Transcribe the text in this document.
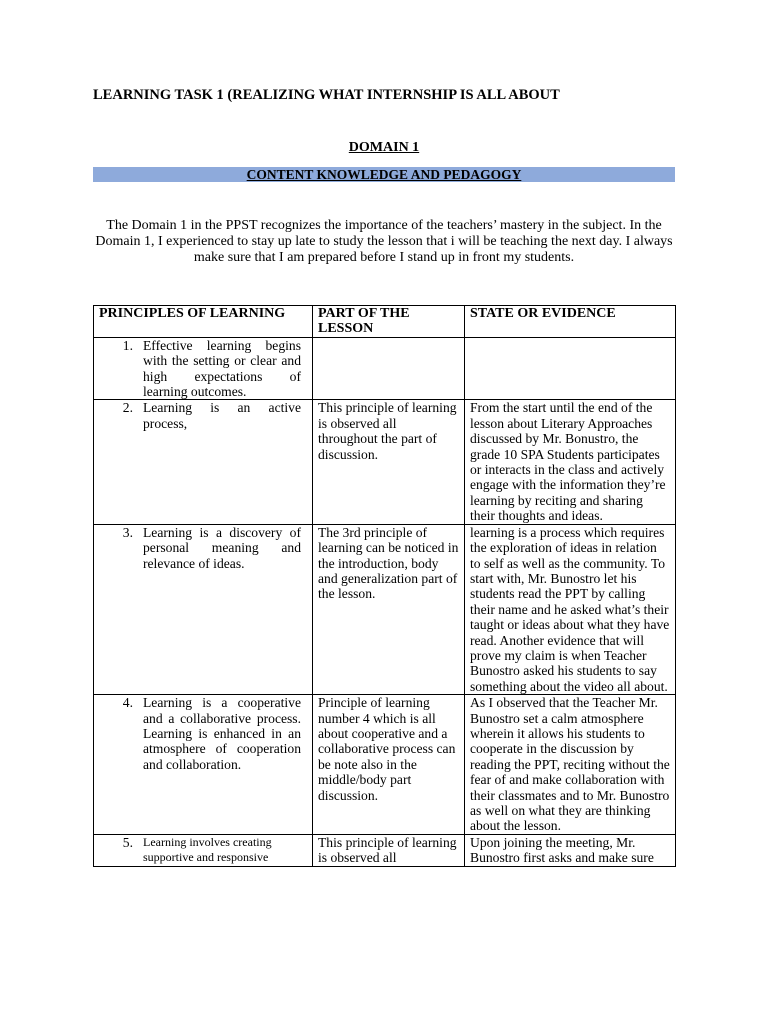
LEARNING TASK 1 (REALIZING WHAT INTERNSHIP IS ALL ABOUT
DOMAIN 1
CONTENT KNOWLEDGE AND PEDAGOGY
The Domain 1 in the PPST recognizes the importance of the teachers’ mastery in the subject. In the Domain 1, I experienced to stay up late to study the lesson that i will be teaching the next day. I always make sure that I am prepared before I stand up in front my students.
PRINCIPLES OF LEARNING	PART OF THE LESSON	STATE OR EVIDENCE
1. Effective learning begins with the setting or clear and high expectations of learning outcomes.		
2. Learning is an active process,	This principle of learning is observed all throughout the part of discussion.	From the start until the end of the lesson about Literary Approaches discussed by Mr. Bonustro, the grade 10 SPA Students participates or interacts in the class and actively engage with the information they’re learning by reciting and sharing their thoughts and ideas.
3. Learning is a discovery of personal meaning and relevance of ideas.	The 3rd principle of learning can be noticed in the introduction, body and generalization part of the lesson.	learning is a process which requires the exploration of ideas in relation to self as well as the community. To start with, Mr. Bunostro let his students read the PPT by calling their name and he asked what’s their taught or ideas about what they have read. Another evidence that will prove my claim is when Teacher Bunostro asked his students to say something about the video all about.
4. Learning is a cooperative and a collaborative process. Learning is enhanced in an atmosphere of cooperation and collaboration.	Principle of learning number 4 which is all about cooperative and a collaborative process can be note also in the middle/body part discussion.	As I observed that the Teacher Mr. Bunostro set a calm atmosphere wherein it allows his students to cooperate in the discussion by reading the PPT, reciting without the fear of and make collaboration with their classmates and to Mr. Bunostro as well on what they are thinking about the lesson.
5. Learning involves creating supportive and responsive	This principle of learning is observed all	Upon joining the meeting, Mr. Bunostro first asks and make sure
